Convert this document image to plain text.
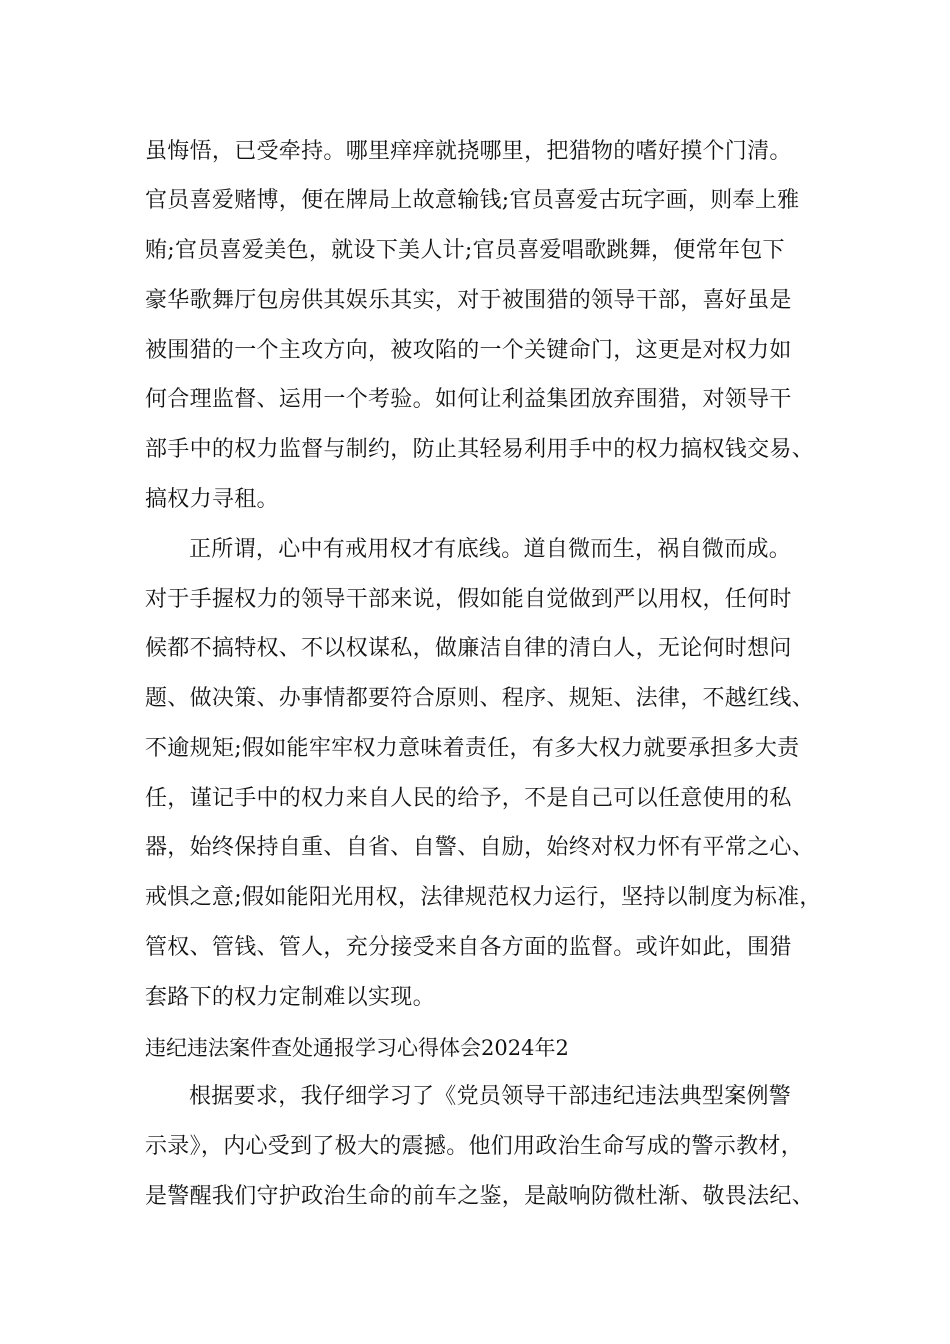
虽悔悟，已受牵持。哪里痒痒就挠哪里，把猎物的嗜好摸个门清。
官员喜爱赌博，便在牌局上故意输钱;官员喜爱古玩字画，则奉上雅
贿;官员喜爱美色，就设下美人计;官员喜爱唱歌跳舞，便常年包下
豪华歌舞厅包房供其娱乐其实，对于被围猎的领导干部，喜好虽是
被围猎的一个主攻方向，被攻陷的一个关键命门，这更是对权力如
何合理监督、运用一个考验。如何让利益集团放弃围猎，对领导干
部手中的权力监督与制约，防止其轻易利用手中的权力搞权钱交易、
搞权力寻租。
正所谓，心中有戒用权才有底线。道自微而生，祸自微而成。
对于手握权力的领导干部来说，假如能自觉做到严以用权，任何时
候都不搞特权、不以权谋私，做廉洁自律的清白人，无论何时想问
题、做决策、办事情都要符合原则、程序、规矩、法律，不越红线、
不逾规矩;假如能牢牢权力意味着责任，有多大权力就要承担多大责
任，谨记手中的权力来自人民的给予，不是自己可以任意使用的私
器，始终保持自重、自省、自警、自励，始终对权力怀有平常之心、
戒惧之意;假如能阳光用权，法律规范权力运行，坚持以制度为标准，
管权、管钱、管人，充分接受来自各方面的监督。或许如此，围猎
套路下的权力定制难以实现。
违纪违法案件查处通报学习心得体会2024年2
根据要求，我仔细学习了《党员领导干部违纪违法典型案例警
示录》，内心受到了极大的震撼。他们用政治生命写成的警示教材，
是警醒我们守护政治生命的前车之鉴，是敲响防微杜渐、敬畏法纪、
